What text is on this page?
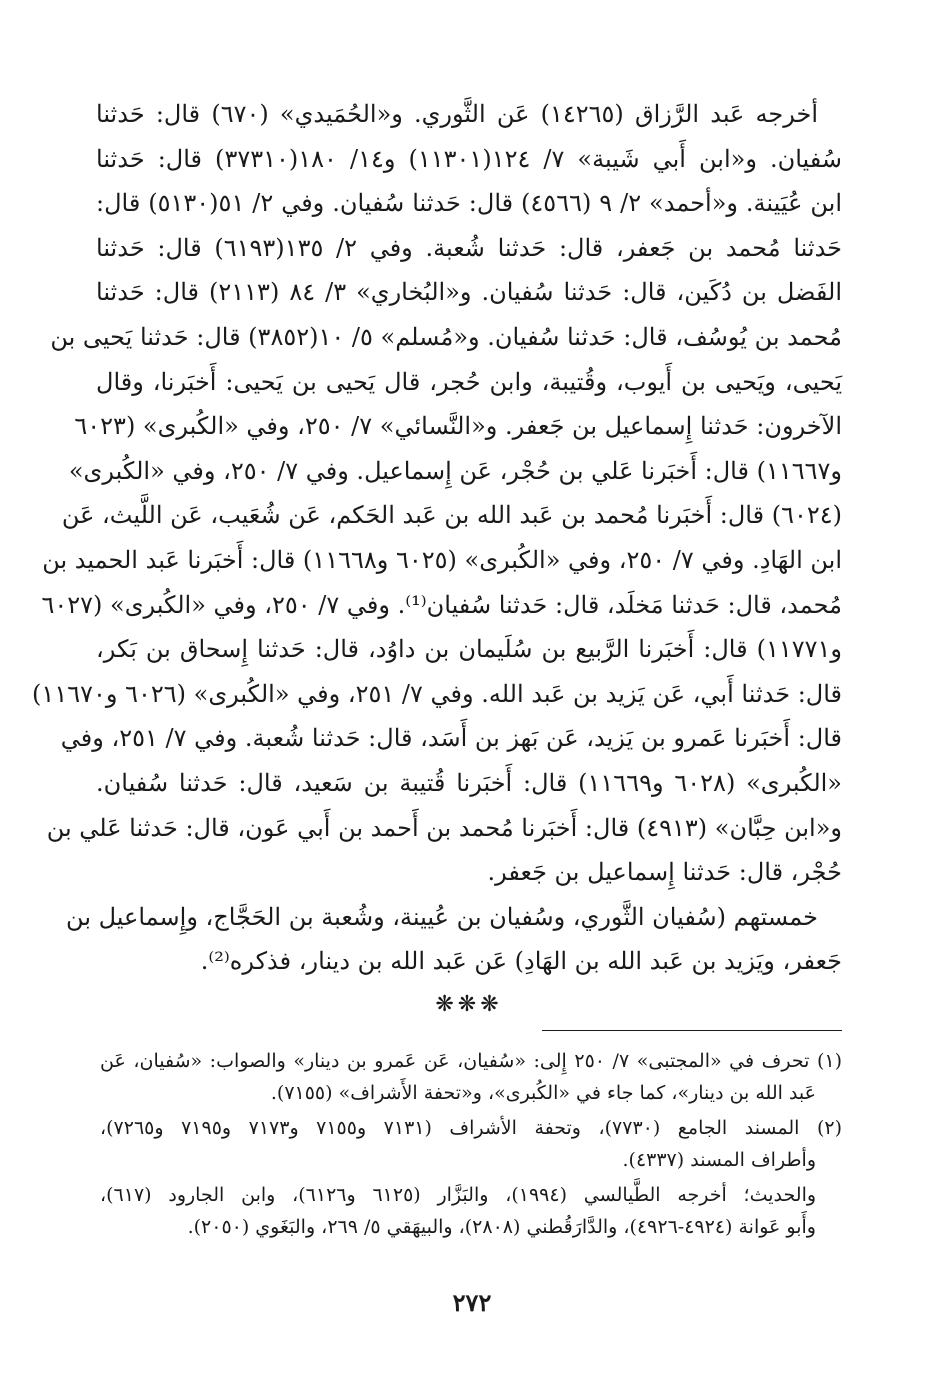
أخرجه عَبد الرَّزاق (١٤٢٦٥) عَن الثَّوري. و«الحُمَيدي» (٦٧٠) قال: حَدثنا
سُفيان. و«ابن أَبي شَيبة» ٧/ ١٢٤(١١٣٠١) و١٤/ ١٨٠(٣٧٣١٠) قال: حَدثنا
ابن عُيَينة. و«أحمد» ٢/ ٩ (٤٥٦٦) قال: حَدثنا سُفيان. وفي ٢/ ٥١(٥١٣٠) قال:
حَدثنا مُحمد بن جَعفر، قال: حَدثنا شُعبة. وفي ٢/ ١٣٥(٦١٩٣) قال: حَدثنا
الفَضل بن دُكَين، قال: حَدثنا سُفيان. و«البُخاري» ٣/ ٨٤ (٢١١٣) قال: حَدثنا
مُحمد بن يُوسُف، قال: حَدثنا سُفيان. و«مُسلم» ٥/ ١٠(٣٨٥٢) قال: حَدثنا يَحيى بن
يَحيى، ويَحيى بن أَيوب، وقُتيبة، وابن حُجر، قال يَحيى بن يَحيى: أَخبَرنا، وقال
الآخرون: حَدثنا إِسماعيل بن جَعفر. و«النَّسائي» ٧/ ٢٥٠، وفي «الكُبرى» (٦٠٢٣
و١١٦٦٧) قال: أَخبَرنا عَلي بن حُجْر، عَن إِسماعيل. وفي ٧/ ٢٥٠، وفي «الكُبرى»
(٦٠٢٤) قال: أَخبَرنا مُحمد بن عَبد الله بن عَبد الحَكم، عَن شُعَيب، عَن اللَّيث، عَن
ابن الهَادِ. وفي ٧/ ٢٥٠، وفي «الكُبرى» (٦٠٢٥ و١١٦٦٨) قال: أَخبَرنا عَبد الحميد بن
مُحمد، قال: حَدثنا مَخلَد، قال: حَدثنا سُفيان⁽¹⁾. وفي ٧/ ٢٥٠، وفي «الكُبرى» (٦٠٢٧
و١١٧٧١) قال: أَخبَرنا الرَّبيع بن سُلَيمان بن داوُد، قال: حَدثنا إِسحاق بن بَكر،
قال: حَدثنا أَبي، عَن يَزيد بن عَبد الله. وفي ٧/ ٢٥١، وفي «الكُبرى» (٦٠٢٦ و١١٦٧٠)
قال: أَخبَرنا عَمرو بن يَزيد، عَن بَهز بن أَسَد، قال: حَدثنا شُعبة. وفي ٧/ ٢٥١، وفي
«الكُبرى» (٦٠٢٨ و١١٦٦٩) قال: أَخبَرنا قُتيبة بن سَعيد، قال: حَدثنا سُفيان.
و«ابن حِبَّان» (٤٩١٣) قال: أَخبَرنا مُحمد بن أَحمد بن أَبي عَون، قال: حَدثنا عَلي بن
حُجْر، قال: حَدثنا إِسماعيل بن جَعفر.
خمستهم (سُفيان الثَّوري، وسُفيان بن عُيينة، وشُعبة بن الحَجَّاج، وإِسماعيل بن
جَعفر، ويَزيد بن عَبد الله بن الهَادِ) عَن عَبد الله بن دينار، فذكره⁽²⁾.
❋❋❋
(١) تحرف في «المجتبى» ٧/ ٢٥٠ إِلى: «سُفيان، عَن عَمرو بن دينار» والصواب: «سُفيان، عَن
عَبد الله بن دينار»، كما جاء في «الكُبرى»، و«تحفة الأَشراف» (٧١٥٥).
(٢) المسند الجامع (٧٧٣٠)، وتحفة الأشراف (٧١٣١ و٧١٥٥ و٧١٧٣ و٧١٩٥ و٧٢٦٥)،
وأطراف المسند (٤٣٣٧).
والحديث؛ أخرجه الطَّيالسي (١٩٩٤)، والبَزَّار (٦١٢٥ و٦١٢٦)، وابن الجارود (٦١٧)،
وأَبو عَوانة (٤٩٢٤-٤٩٢٦)، والدَّارَقُطني (٢٨٠٨)، والبيهَقي ٥/ ٢٦٩، والبَغَوي (٢٠٥٠).
٢٧٢
